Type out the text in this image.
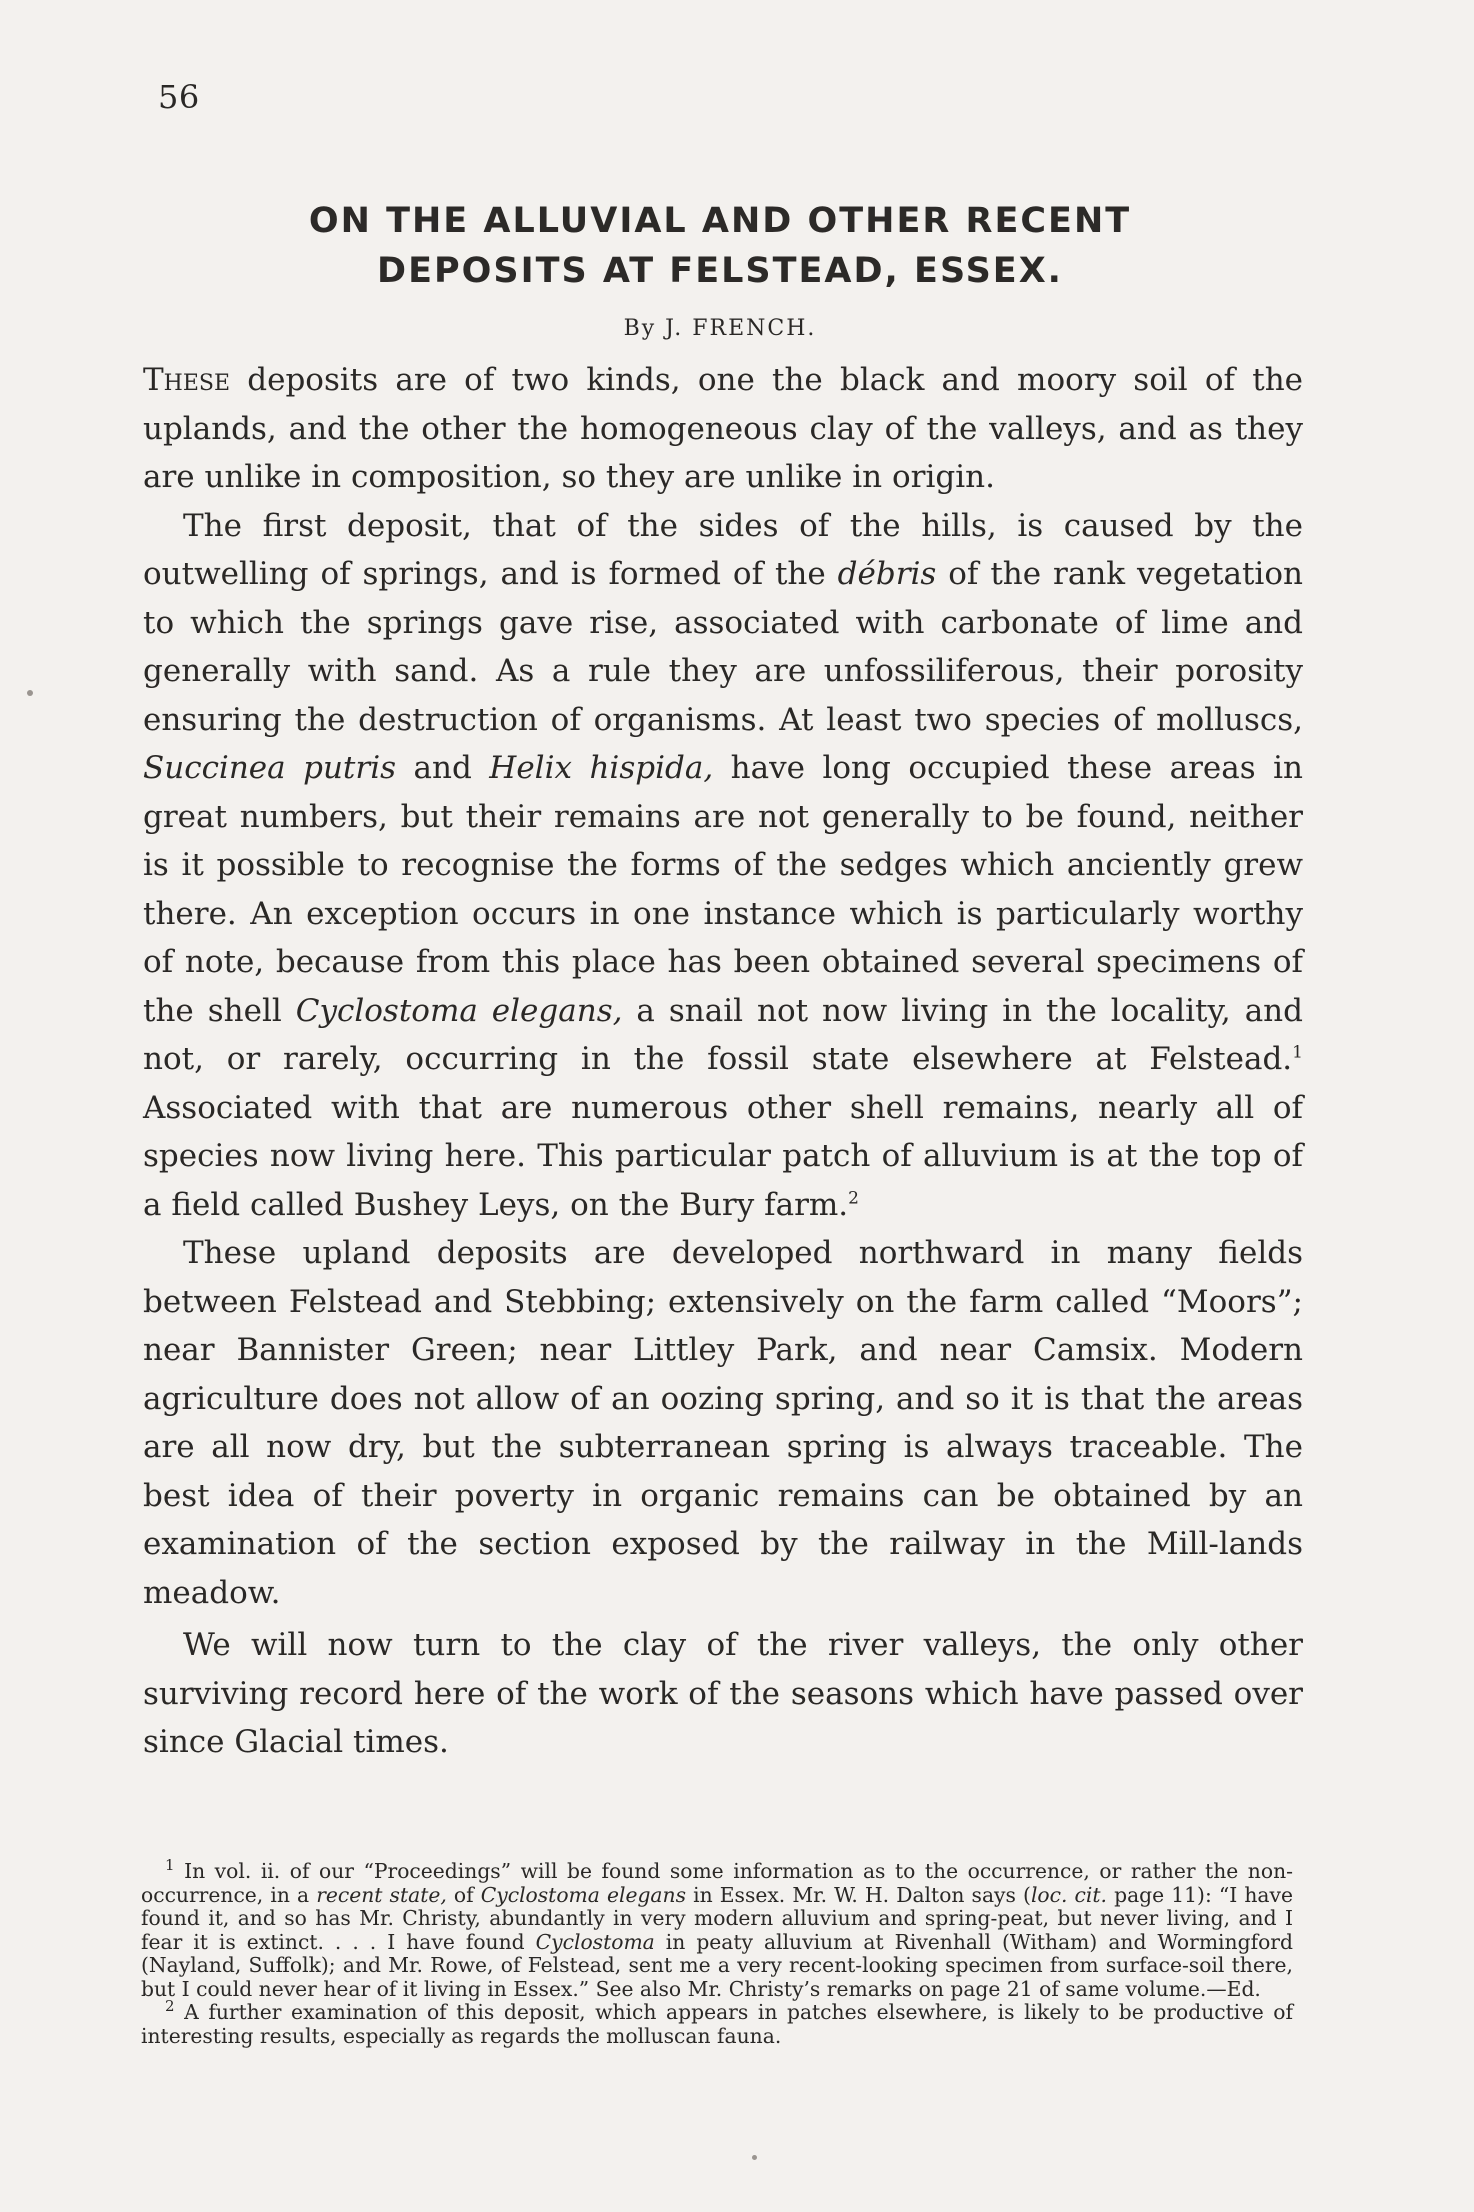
56
ON THE ALLUVIAL AND OTHER RECENT
DEPOSITS AT FELSTEAD, ESSEX.
By J. FRENCH.

These deposits are of two kinds, one the black and moory soil of the uplands, and the other the homogeneous clay of the valleys, and as they are unlike in composition, so they are unlike in origin.

The first deposit, that of the sides of the hills, is caused by the outwelling of springs, and is formed of the débris of the rank vegetation to which the springs gave rise, associated with carbonate of lime and generally with sand. As a rule they are unfossiliferous, their porosity ensuring the destruction of organisms. At least two species of molluscs, Succinea putris and Helix hispida, have long occupied these areas in great numbers, but their remains are not generally to be found, neither is it possible to recognise the forms of the sedges which anciently grew there. An exception occurs in one instance which is particularly worthy of note, because from this place has been obtained several specimens of the shell Cyclostoma elegans, a snail not now living in the locality, and not, or rarely, occurring in the fossil state elsewhere at Felstead.$^1$ Associated with that are numerous other shell remains, nearly all of species now living here. This particular patch of alluvium is at the top of a field called Bushey Leys, on the Bury farm.$^2$

These upland deposits are developed northward in many fields between Felstead and Stebbing; extensively on the farm called “Moors”; near Bannister Green; near Littley Park, and near Camsix. Modern agriculture does not allow of an oozing spring, and so it is that the areas are all now dry, but the subterranean spring is always traceable. The best idea of their poverty in organic remains can be obtained by an examination of the section exposed by the railway in the Mill-lands meadow.

We will now turn to the clay of the river valleys, the only other surviving record here of the work of the seasons which have passed over since Glacial times.

$^1$ In vol. ii. of our “Proceedings” will be found some information as to the occurrence, or rather the non-occurrence, in a recent state, of Cyclostoma elegans in Essex. Mr. W. H. Dalton says (loc. cit. page 11): “I have found it, and so has Mr. Christy, abundantly in very modern alluvium and spring-peat, but never living, and I fear it is extinct. . . . I have found Cyclostoma in peaty alluvium at Rivenhall (Witham) and Wormingford (Nayland, Suffolk); and Mr. Rowe, of Felstead, sent me a very recent-looking specimen from surface-soil there, but I could never hear of it living in Essex.” See also Mr. Christy’s remarks on page 21 of same volume.—Ed.

$^2$ A further examination of this deposit, which appears in patches elsewhere, is likely to be productive of interesting results, especially as regards the molluscan fauna.
